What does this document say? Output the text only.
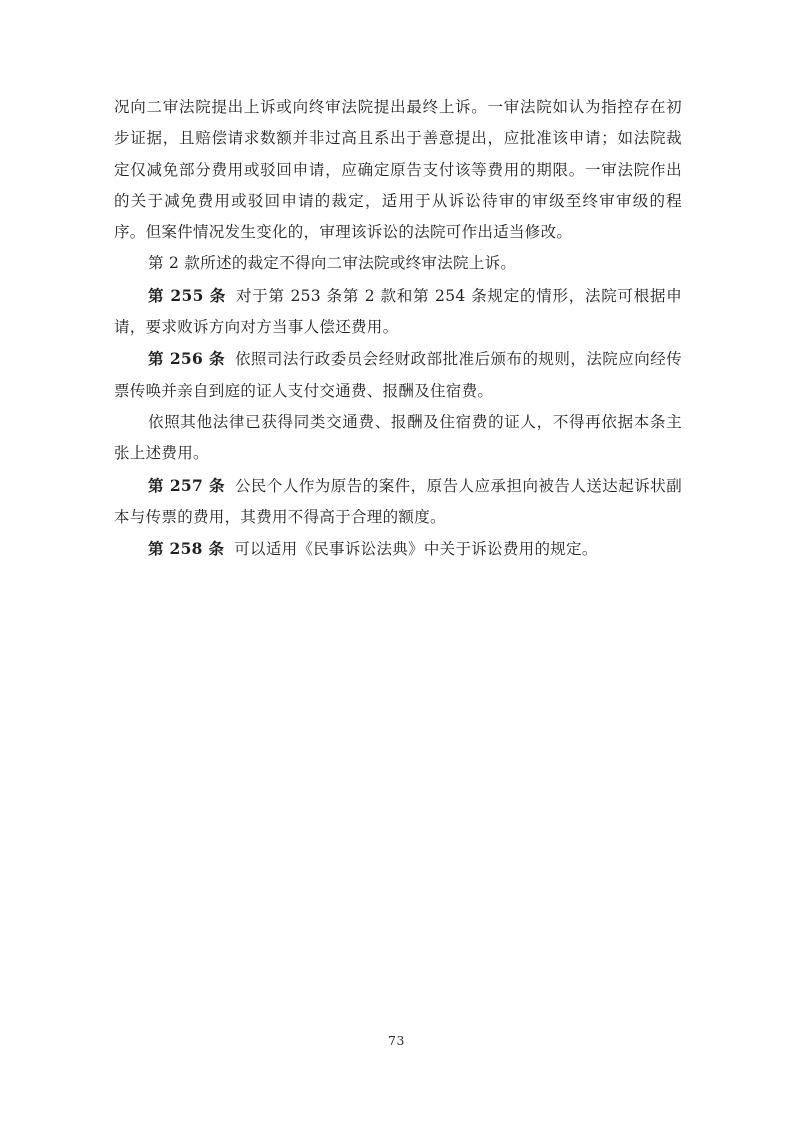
况向二审法院提出上诉或向终审法院提出最终上诉。一审法院如认为指控存在初步证据，且赔偿请求数额并非过高且系出于善意提出，应批准该申请；如法院裁定仅减免部分费用或驳回申请，应确定原告支付该等费用的期限。一审法院作出的关于减免费用或驳回申请的裁定，适用于从诉讼待审的审级至终审审级的程序。但案件情况发生变化的，审理该诉讼的法院可作出适当修改。

第 2 款所述的裁定不得向二审法院或终审法院上诉。

第 255 条 对于第 253 条第 2 款和第 254 条规定的情形，法院可根据申请，要求败诉方向对方当事人偿还费用。

第 256 条 依照司法行政委员会经财政部批准后颁布的规则，法院应向经传票传唤并亲自到庭的证人支付交通费、报酬及住宿费。

依照其他法律已获得同类交通费、报酬及住宿费的证人，不得再依据本条主张上述费用。

第 257 条 公民个人作为原告的案件，原告人应承担向被告人送达起诉状副本与传票的费用，其费用不得高于合理的额度。

第 258 条 可以适用《民事诉讼法典》中关于诉讼费用的规定。

73
